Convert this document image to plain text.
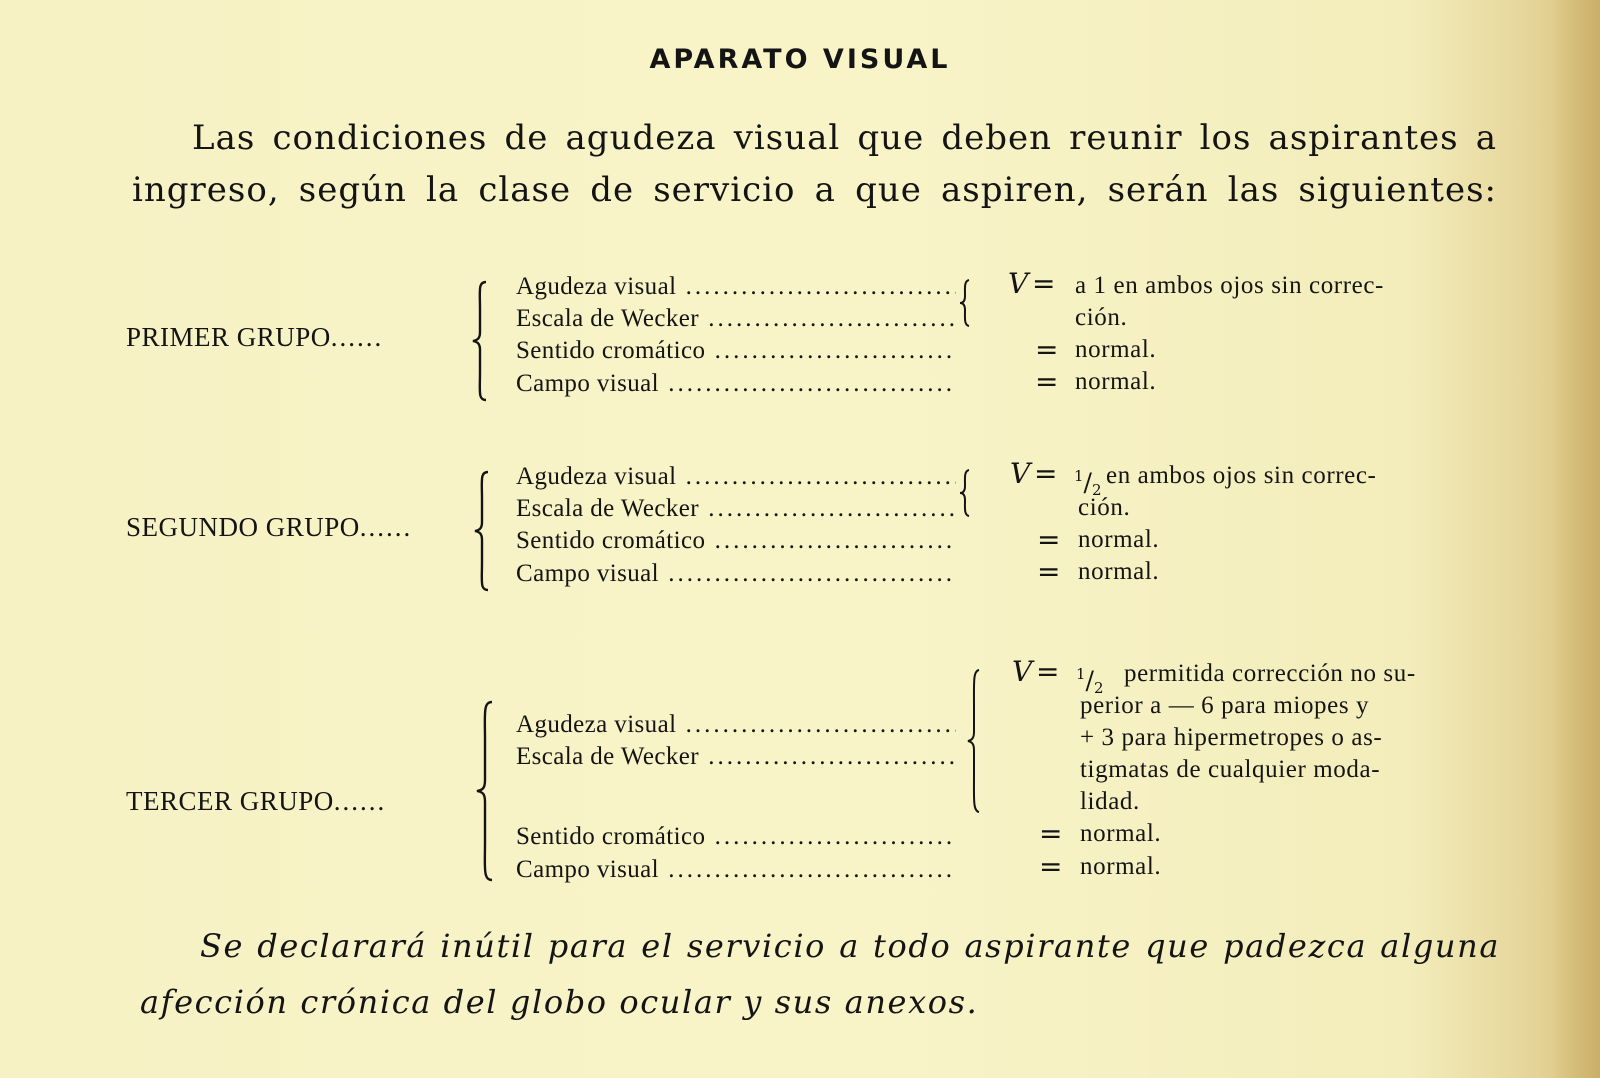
APARATO VISUAL
Las condiciones de agudeza visual que deben reunir los aspirantes a
ingreso, según la clase de servicio a que aspiren, serán las siguientes:
PRIMER GRUPO......
Agudeza visual .....
Escala de Wecker .....
Sentido cromático .....
Campo visual .....
V = a 1 en ambos ojos sin correc-
ción.
= normal.
= normal.
SEGUNDO GRUPO......
Agudeza visual .....
Escala de Wecker .....
Sentido cromático .....
Campo visual .....
$V = ^1/_2$
en ambos ojos sin correc-
ción.
= normal.
= normal.
TERCER GRUPO......
Agudeza visual .....
Escala de Wecker .....
Sentido cromático .....
Campo visual .....
$V = ^1/_2$
permitida corrección no su-
perior a — 6 para miopes y
+ 3 para hipermetropes o as-
tigmatas de cualquier moda-
lidad.
= normal.
= normal.
Se declarará inútil para el servicio a todo aspirante que padezca alguna
afección crónica del globo ocular y sus anexos.
